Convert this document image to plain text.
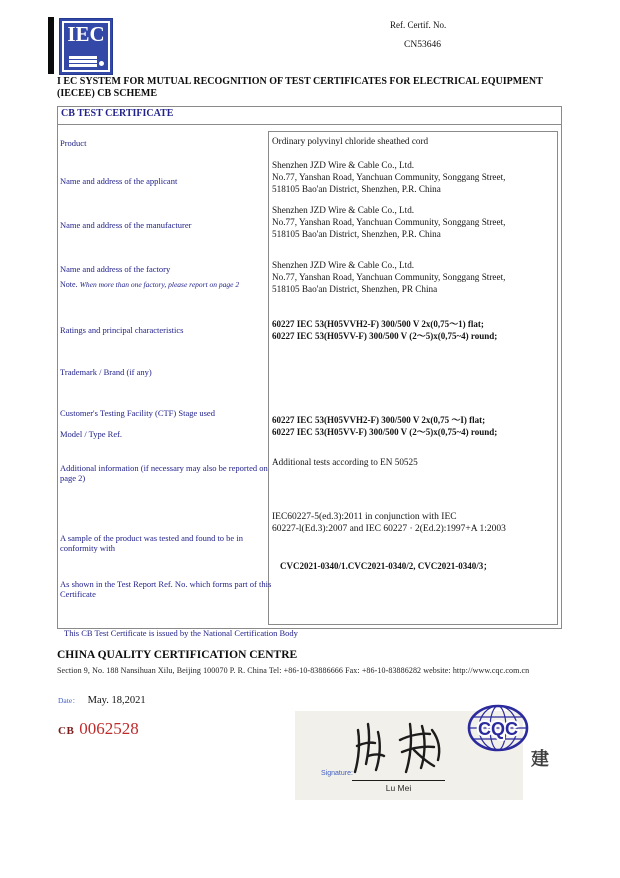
IEC	Ref. Certif. No.
CN53646
I EC SYSTEM FOR MUTUAL RECOGNITION OF TEST CERTIFICATES FOR ELECTRICAL EQUIPMENT
(IECEE) CB SCHEME
CB TEST CERTIFICATE
Product
Name and address of the applicant
Name and address of the manufacturer
Name and address of the factory
Note. When more than one factory, please report on page 2
Ratings and principal characteristics
Trademark / Brand (if any)
Customer's Testing Facility (CTF) Stage used
Model / Type Ref.
Additional information (if necessary may also be reported on page 2)
A sample of the product was tested and found to be in conformity with
As shown in the Test Report Ref. No. which forms part of this Certificate
Ordinary polyvinyl chloride sheathed cord
Shenzhen JZD Wire & Cable Co., Ltd.
No.77, Yanshan Road, Yanchuan Community, Songgang Street,
518105 Bao'an District, Shenzhen, P.R. China
Shenzhen JZD Wire & Cable Co., Ltd.
No.77, Yanshan Road, Yanchuan Community, Songgang Street,
518105 Bao'an District, Shenzhen, P.R. China
Shenzhen JZD Wire & Cable Co., Ltd.
No.77, Yanshan Road, Yanchuan Community, Songgang Street,
518105 Bao'an District, Shenzhen, PR China
60227 IEC 53(H05VVH2-F) 300/500 V 2x(0,75〜1) flat;
60227 IEC 53(H05VV-F) 300/500 V (2〜5)x(0,75~4) round;
60227 IEC 53(H05VVH2-F) 300/500 V 2x(0,75 〜I) flat;
60227 IEC 53(H05VV-F) 300/500 V (2〜5)x(0,75~4) round;
Additional tests according to EN 50525
IEC60227-5(ed.3):2011 in conjunction with IEC
60227-l(Ed.3):2007 and IEC 60227 · 2(Ed.2):1997+A 1:2003
CVC2021-0340/1.CVC2021-0340/2, CVC2021-0340/3；
This CB Test Certificate is issued by the National Certification Body
CHINA QUALITY CERTIFICATION CENTRE
Section 9, No. 188 Nansihuan Xilu, Beijing 100070 P. R. China Tel: +86-10-83886666 Fax: +86-10-83886282 website: http://www.cqc.com.cn
Date： May. 18,2021
CB 0062528
Signature:
Lu Mei
CQC
建
